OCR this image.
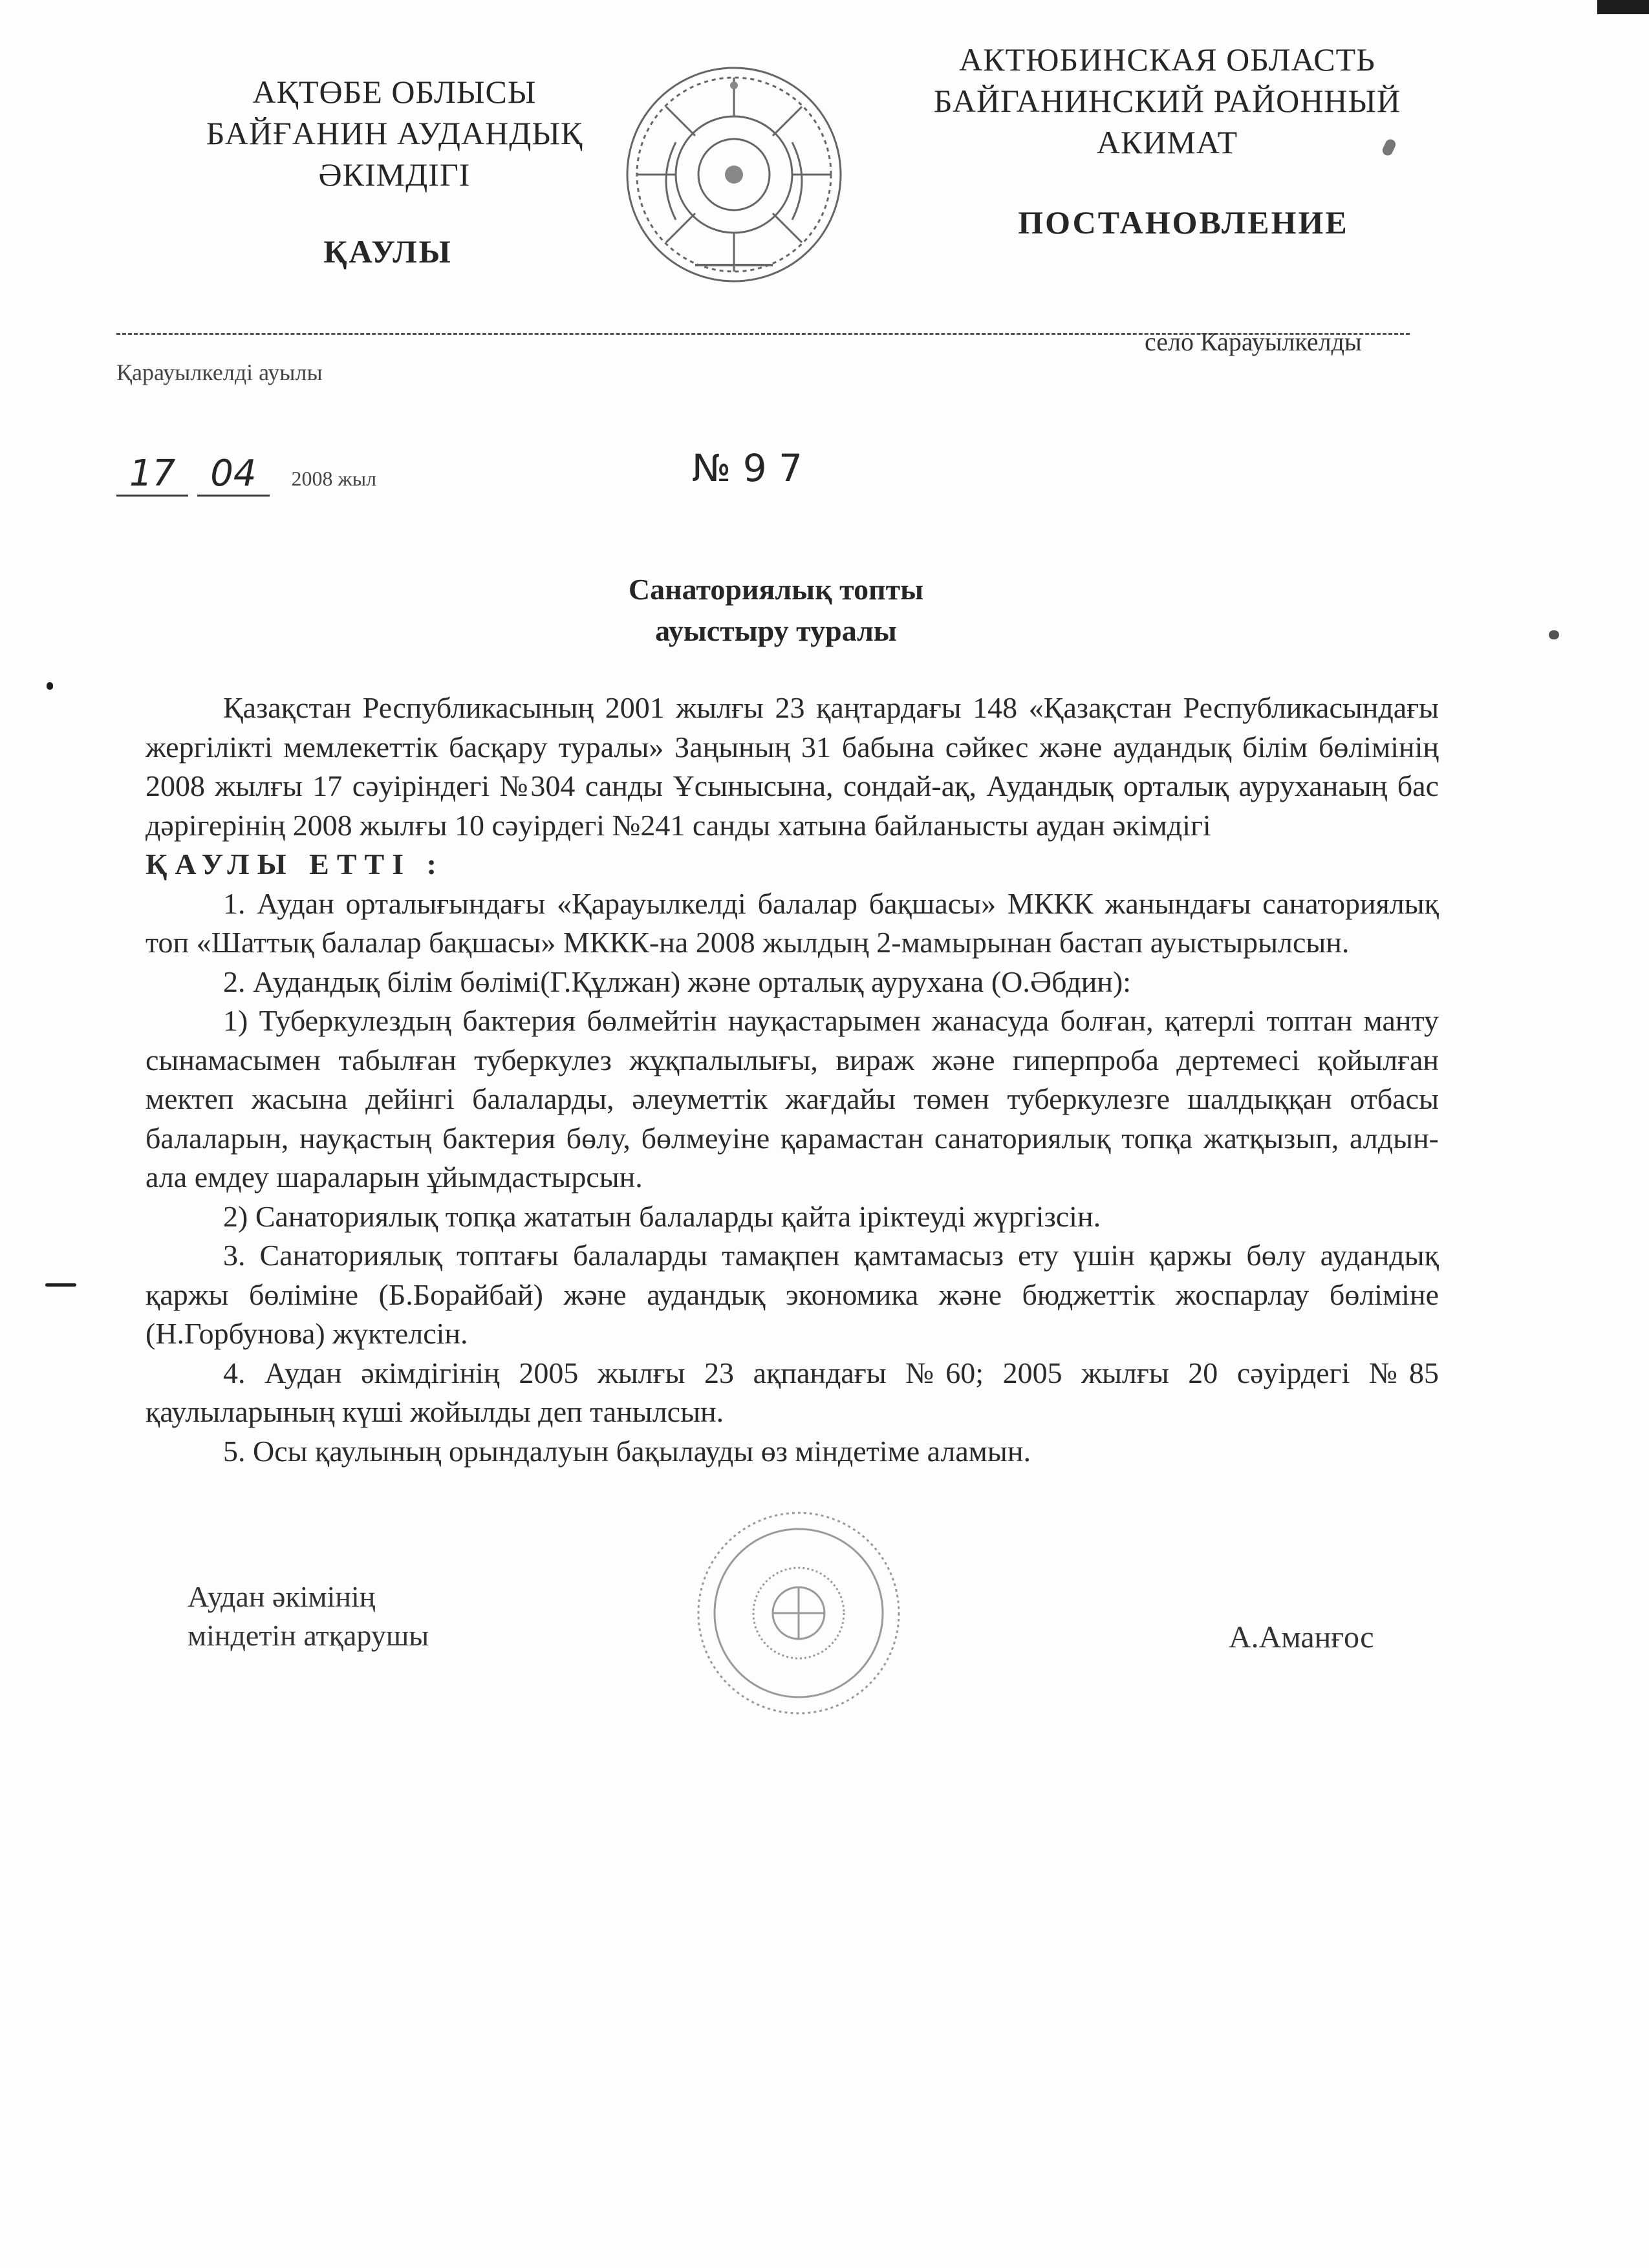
АҚТӨБЕ ОБЛЫСЫ
БАЙҒАНИН АУДАНДЫҚ
ӘКІМДІГІ
ҚАУЛЫ
АКТЮБИНСКАЯ ОБЛАСТЬ
БАЙГАНИНСКИЙ РАЙОННЫЙ
АКИМАТ
ПОСТАНОВЛЕНИЕ
Қарауылкелді ауылы
село Карауылкелды
17 04 2008 жыл	№ 9 7
Санаториялық топты
ауыстыру туралы

Қазақстан Республикасының 2001 жылғы 23 қаңтардағы 148 «Қазақстан Республикасындағы жергілікті мемлекеттік басқару туралы» Заңының 31 бабына сәйкес және аудандық білім бөлімінің 2008 жылғы 17 сәуіріндегі №304 санды Ұсынысына, сондай-ақ, Аудандық орталық ауруханаың бас дәрігерінің 2008 жылғы 10 сәуірдегі №241 санды хатына байланысты аудан әкімдігі

ҚАУЛЫ ЕТТІ :

1. Аудан орталығындағы «Қарауылкелді балалар бақшасы» МККК жанындағы санаториялық топ «Шаттық балалар бақшасы» МККК-на 2008 жылдың 2-мамырынан бастап ауыстырылсын.

2. Аудандық білім бөлімі(Г.Құлжан) және орталық аурухана (О.Әбдин):

1) Туберкулездың бактерия бөлмейтін науқастарымен жанасуда болған, қатерлі топтан манту сынамасымен табылған туберкулез жұқпалылығы, вираж және гиперпроба дертемесі қойылған мектеп жасына дейінгі балаларды, әлеуметтік жағдайы төмен туберкулезге шалдыққан отбасы балаларын, науқастың бактерия бөлу, бөлмеуіне қарамастан санаториялық топқа жатқызып, алдын-ала емдеу шараларын ұйымдастырсын.

2) Санаториялық топқа жататын балаларды қайта іріктеуді жүргізсін.

3. Санаториялық топтағы балаларды тамақпен қамтамасыз ету үшін қаржы бөлу аудандық қаржы бөліміне (Б.Борайбай) және аудандық экономика және бюджеттік жоспарлау бөліміне (Н.Горбунова) жүктелсін.

4. Аудан әкімдігінің 2005 жылғы 23 ақпандағы №60; 2005 жылғы 20 сәуірдегі №85 қаулыларының күші жойылды деп танылсын.

5. Осы қаулының орындалуын бақылауды өз міндетіме аламын.

Аудан әкімінің
міндетін атқарушы	А.Аманғос
